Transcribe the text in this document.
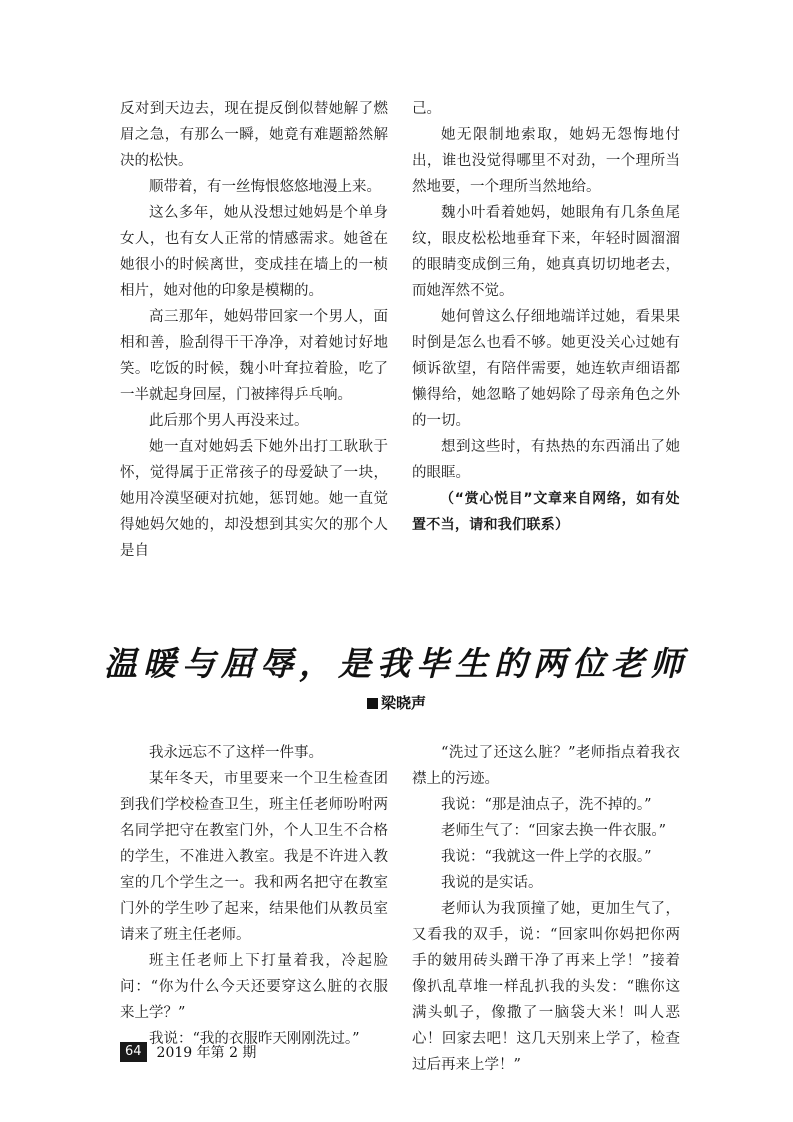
反对到天边去，现在提反倒似替她解了燃眉之急，有那么一瞬，她竟有难题豁然解决的松快。

顺带着，有一丝悔恨悠悠地漫上来。

这么多年，她从没想过她妈是个单身女人，也有女人正常的情感需求。她爸在她很小的时候离世，变成挂在墙上的一桢相片，她对他的印象是模糊的。

高三那年，她妈带回家一个男人，面相和善，脸刮得干干净净，对着她讨好地笑。吃饭的时候，魏小叶耷拉着脸，吃了一半就起身回屋，门被摔得乒乓响。

此后那个男人再没来过。

她一直对她妈丢下她外出打工耿耿于怀，觉得属于正常孩子的母爱缺了一块，她用冷漠坚硬对抗她，惩罚她。她一直觉得她妈欠她的，却没想到其实欠的那个人是自

己。

她无限制地索取，她妈无怨悔地付出，谁也没觉得哪里不对劲，一个理所当然地要，一个理所当然地给。

魏小叶看着她妈，她眼角有几条鱼尾纹，眼皮松松地垂耷下来，年轻时圆溜溜的眼睛变成倒三角，她真真切切地老去，而她浑然不觉。

她何曾这么仔细地端详过她，看果果时倒是怎么也看不够。她更没关心过她有倾诉欲望，有陪伴需要，她连软声细语都懒得给，她忽略了她妈除了母亲角色之外的一切。

想到这些时，有热热的东西涌出了她的眼眶。

（“赏心悦目”文章来自网络，如有处置不当，请和我们联系）

温暖与屈辱，是我毕生的两位老师
梁晓声

我永远忘不了这样一件事。

某年冬天，市里要来一个卫生检查团到我们学校检查卫生，班主任老师吩咐两名同学把守在教室门外，个人卫生不合格的学生，不准进入教室。我是不许进入教室的几个学生之一。我和两名把守在教室门外的学生吵了起来，结果他们从教员室请来了班主任老师。

班主任老师上下打量着我，冷起脸问：“你为什么今天还要穿这么脏的衣服来上学？”

我说：“我的衣服昨天刚刚洗过。”

“洗过了还这么脏？”老师指点着我衣襟上的污迹。

我说：“那是油点子，洗不掉的。”

老师生气了：“回家去换一件衣服。”

我说：“我就这一件上学的衣服。”

我说的是实话。

老师认为我顶撞了她，更加生气了，又看我的双手，说：“回家叫你妈把你两手的皴用砖头蹭干净了再来上学！”接着像扒乱草堆一样乱扒我的头发：“瞧你这满头虮子，像撒了一脑袋大米！叫人恶心！回家去吧！这几天别来上学了，检查过后再来上学！”

64	2019 年第 2 期
